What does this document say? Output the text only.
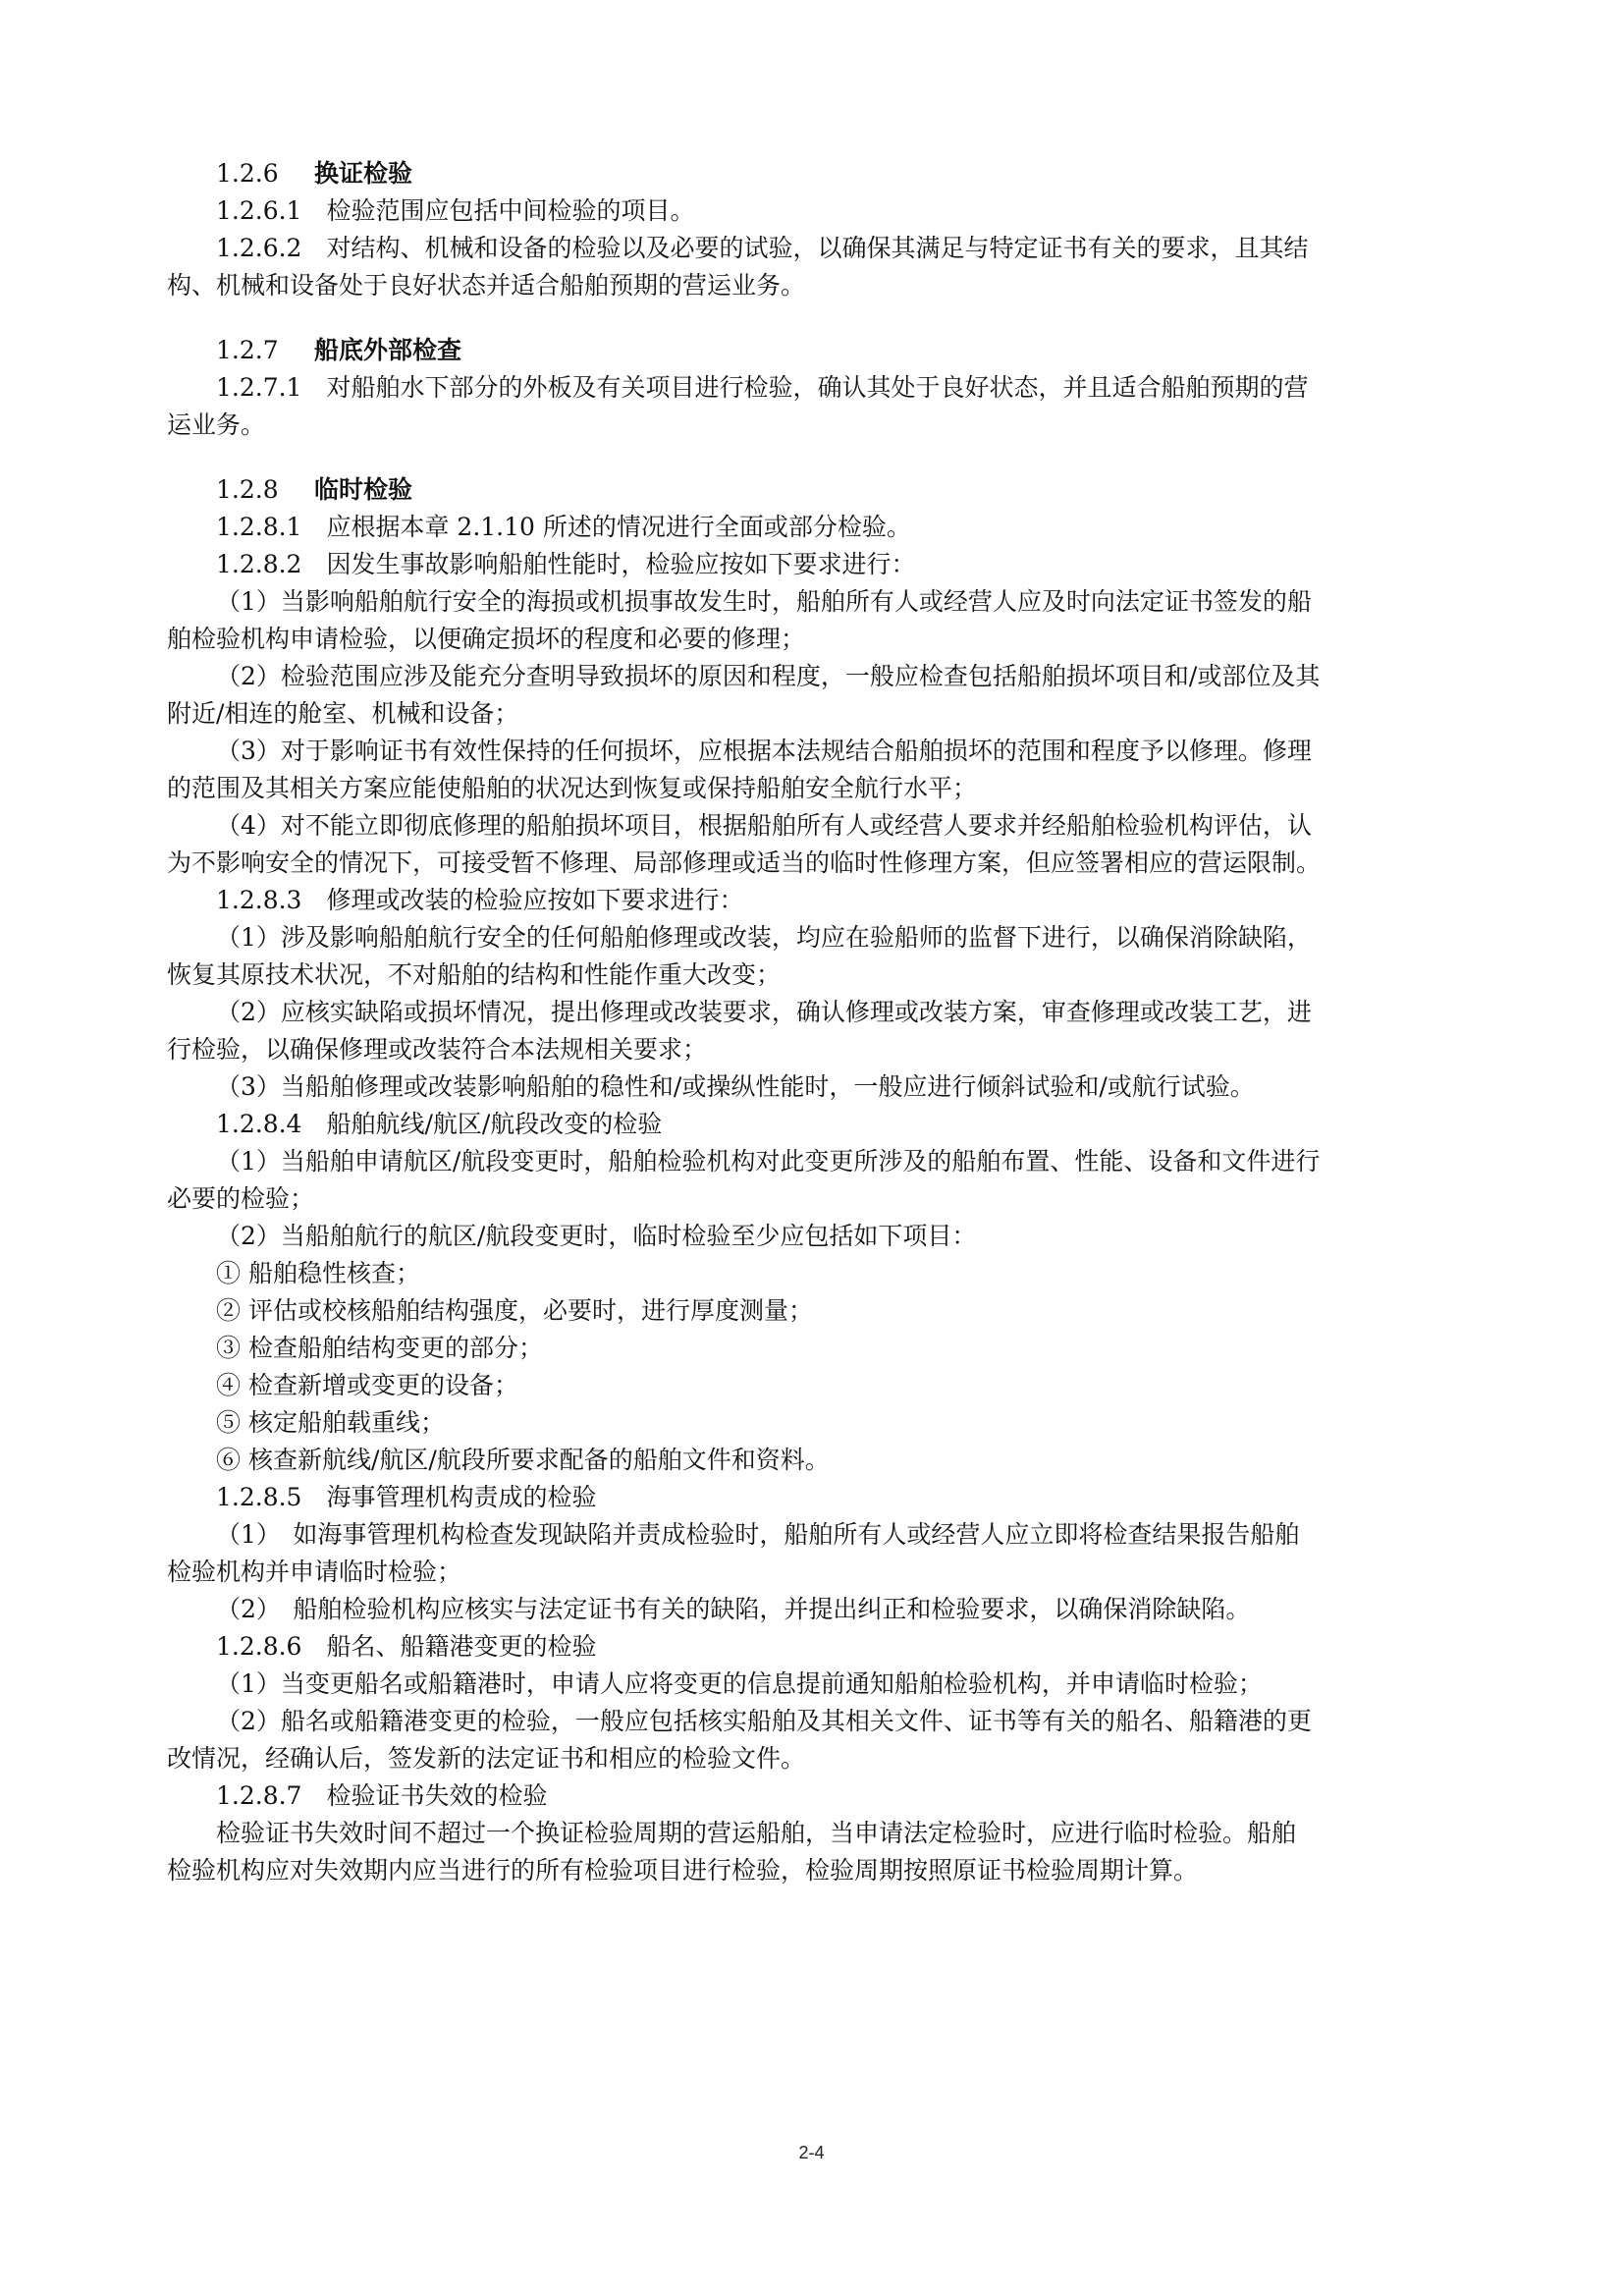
1.2.6 换证检验
1.2.6.1　检验范围应包括中间检验的项目。
1.2.6.2　对结构、机械和设备的检验以及必要的试验，以确保其满足与特定证书有关的要求，且其结
构、机械和设备处于良好状态并适合船舶预期的营运业务。
1.2.7 船底外部检查
1.2.7.1　对船舶水下部分的外板及有关项目进行检验，确认其处于良好状态，并且适合船舶预期的营
运业务。
1.2.8 临时检验
1.2.8.1　应根据本章 2.1.10 所述的情况进行全面或部分检验。
1.2.8.2　因发生事故影响船舶性能时，检验应按如下要求进行：
（1）当影响船舶航行安全的海损或机损事故发生时，船舶所有人或经营人应及时向法定证书签发的船
舶检验机构申请检验，以便确定损坏的程度和必要的修理；
（2）检验范围应涉及能充分查明导致损坏的原因和程度，一般应检查包括船舶损坏项目和/或部位及其
附近/相连的舱室、机械和设备；
（3）对于影响证书有效性保持的任何损坏，应根据本法规结合船舶损坏的范围和程度予以修理。修理
的范围及其相关方案应能使船舶的状况达到恢复或保持船舶安全航行水平；
（4）对不能立即彻底修理的船舶损坏项目，根据船舶所有人或经营人要求并经船舶检验机构评估，认
为不影响安全的情况下，可接受暂不修理、局部修理或适当的临时性修理方案，但应签署相应的营运限制。
1.2.8.3　修理或改装的检验应按如下要求进行：
（1）涉及影响船舶航行安全的任何船舶修理或改装，均应在验船师的监督下进行，以确保消除缺陷，
恢复其原技术状况，不对船舶的结构和性能作重大改变；
（2）应核实缺陷或损坏情况，提出修理或改装要求，确认修理或改装方案，审查修理或改装工艺，进
行检验，以确保修理或改装符合本法规相关要求；
（3）当船舶修理或改装影响船舶的稳性和/或操纵性能时，一般应进行倾斜试验和/或航行试验。
1.2.8.4　船舶航线/航区/航段改变的检验
（1）当船舶申请航区/航段变更时，船舶检验机构对此变更所涉及的船舶布置、性能、设备和文件进行
必要的检验；
（2）当船舶航行的航区/航段变更时，临时检验至少应包括如下项目：
① 船舶稳性核查；
② 评估或校核船舶结构强度，必要时，进行厚度测量；
③ 检查船舶结构变更的部分；
④ 检查新增或变更的设备；
⑤ 核定船舶载重线；
⑥ 核查新航线/航区/航段所要求配备的船舶文件和资料。
1.2.8.5　海事管理机构责成的检验
（1）　如海事管理机构检查发现缺陷并责成检验时，船舶所有人或经营人应立即将检查结果报告船舶
检验机构并申请临时检验；
（2）　船舶检验机构应核实与法定证书有关的缺陷，并提出纠正和检验要求，以确保消除缺陷。
1.2.8.6　船名、船籍港变更的检验
（1）当变更船名或船籍港时，申请人应将变更的信息提前通知船舶检验机构，并申请临时检验；
（2）船名或船籍港变更的检验，一般应包括核实船舶及其相关文件、证书等有关的船名、船籍港的更
改情况，经确认后，签发新的法定证书和相应的检验文件。
1.2.8.7　检验证书失效的检验
检验证书失效时间不超过一个换证检验周期的营运船舶，当申请法定检验时，应进行临时检验。船舶
检验机构应对失效期内应当进行的所有检验项目进行检验，检验周期按照原证书检验周期计算。
2-4
